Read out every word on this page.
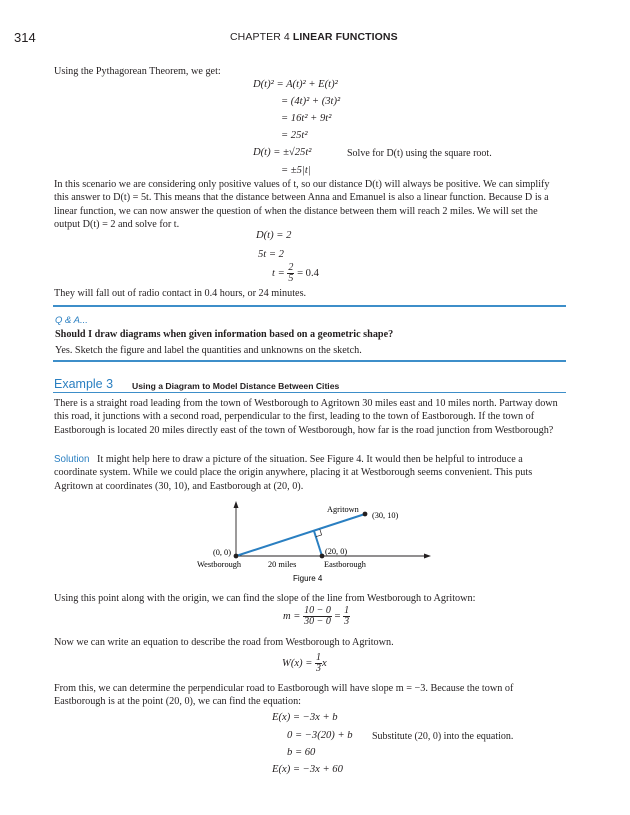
314	CHAPTER 4 LINEAR FUNCTIONS
Using the Pythagorean Theorem, we get:
D(t)² = A(t)² + E(t)²
= (4t)² + (3t)²
= 16t² + 9t²
= 25t²
D(t) = ±√25t²	Solve for D(t) using the square root.
= ±5|t|
In this scenario we are considering only positive values of t, so our distance D(t) will always be positive. We can simplify this answer to D(t) = 5t. This means that the distance between Anna and Emanuel is also a linear function. Because D is a linear function, we can now answer the question of when the distance between them will reach 2 miles. We will set the output D(t) = 2 and solve for t.
D(t) = 2
5t = 2
$t = \frac{2}{5} = 0.4$
They will fall out of radio contact in 0.4 hours, or 24 minutes.
Q & A...
Should I draw diagrams when given information based on a geometric shape?
Yes. Sketch the figure and label the quantities and unknowns on the sketch.
Example 3 Using a Diagram to Model Distance Between Cities
There is a straight road leading from the town of Westborough to Agritown 30 miles east and 10 miles north. Partway down this road, it junctions with a second road, perpendicular to the first, leading to the town of Eastborough. If the town of Eastborough is located 20 miles directly east of the town of Westborough, how far is the road junction from Westborough?
Solution It might help here to draw a picture of the situation. See Figure 4. It would then be helpful to introduce a coordinate system. While we could place the origin anywhere, placing it at Westborough seems convenient. This puts Agritown at coordinates (30, 10), and Eastborough at (20, 0).
Agritown
(30, 10)
(0, 0)
Westborough	20 miles
(20, 0)
Eastborough
Figure 4
Using this point along with the origin, we can find the slope of the line from Westborough to Agritown:
$m = \frac{10 - 0}{30 - 0} = \frac{1}{3}$
Now we can write an equation to describe the road from Westborough to Agritown.
$W(x) = \frac{1}{3}$ x
From this, we can determine the perpendicular road to Eastborough will have slope m = −3. Because the town of Eastborough is at the point (20, 0), we can find the equation:
E(x) = −3x + b
0 = −3(20) + b Substitute (20, 0) into the equation.
b = 60
E(x) = −3x + 60
